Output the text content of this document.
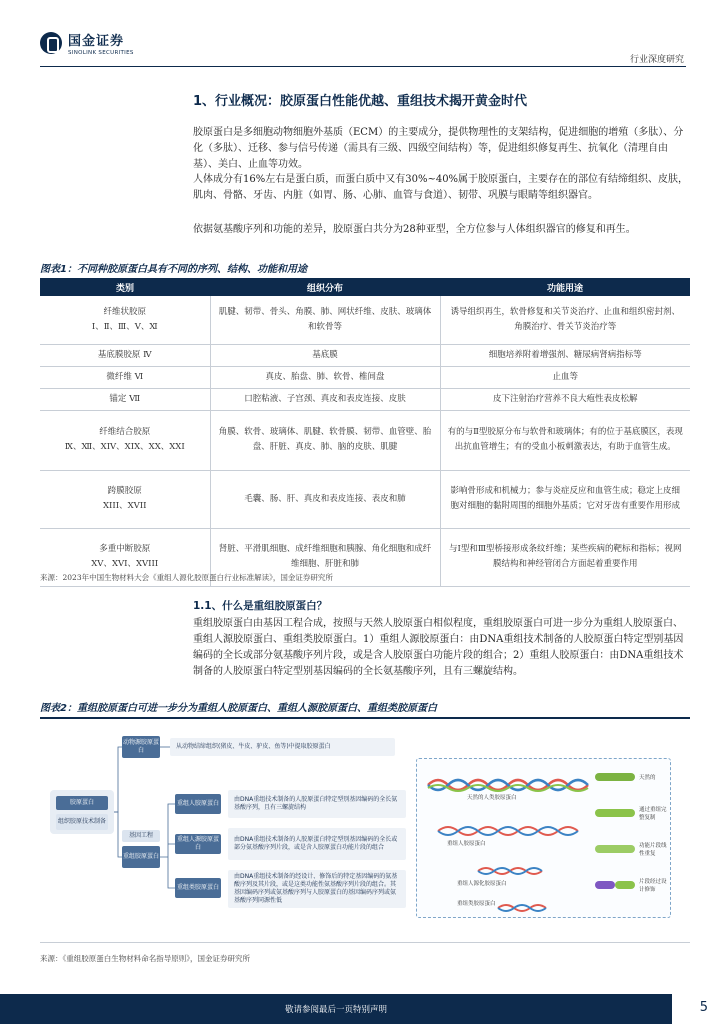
国金证券
SINOLINK SECURITIES
行业深度研究
1、行业概况：胶原蛋白性能优越、重组技术揭开黄金时代
胶原蛋白是多细胞动物细胞外基质（ECM）的主要成分，提供物理性的支架结构，促进细胞的增殖（多肽）、分化（多肽）、迁移、参与信号传递（需具有三级、四级空间结构）等，促进组织修复再生、抗氧化（清理自由基）、美白、止血等功效。
人体成分有16%左右是蛋白质，而蛋白质中又有30%~40%属于胶原蛋白，主要存在的部位有结缔组织、皮肤，肌肉、骨骼、牙齿、内脏（如胃、肠、心肺、血管与食道）、韧带、巩膜与眼睛等组织器官。
依据氨基酸序列和功能的差异，胶原蛋白共分为28种亚型，全方位参与人体组织器官的修复和再生。
图表1：不同种胶原蛋白具有不同的序列、结构、功能和用途
类别	组织分布	功能用途

纤维状胶原
Ⅰ、Ⅱ、Ⅲ、Ⅴ、Ⅺ	肌腱、韧带、骨头、角膜、肺、网状纤维、皮肤、玻璃体和软骨等	诱导组织再生，软骨修复和关节炎治疗、止血和组织密封剂、角膜治疗、骨关节炎治疗等
基底膜胶原 Ⅳ	基底膜	细胞培养附着增强剂、糖尿病肾病指标等
微纤维 Ⅵ	真皮、胎盘、肺、软骨、椎间盘	止血等
锚定 Ⅶ	口腔粘液、子宫颈、真皮和表皮连接、皮肤	皮下注射治疗营养不良大疱性表皮松解

纤维结合胶原
Ⅸ、Ⅻ、XIV、XIX、XX、XXI	角膜、软骨、玻璃体、肌腱、软骨膜、韧带、血管壁、胎盘、肝脏、真皮、肺、脑的皮肤、肌腱	有的与Ⅱ型胶原分布与软骨和玻璃体；有的位于基底膜区，表现出抗血管增生；有的受血小板刺激表达，有助于血管生成。

跨膜胶原
XIII、XVII	毛囊、肠、肝、真皮和表皮连接、表皮和肺	影响骨形成和机械力；参与炎症反应和血管生成；稳定上皮细胞对细胞的黏附周围的细胞外基质；它对牙齿有重要作用形成

多重中断胶原
XV、XVI、XVIII	肾脏、平滑肌细胞、成纤维细胞和胰腺、角化细胞和成纤维细胞、肝脏和肺	与Ⅰ型和Ⅲ型桥接形成条纹纤维；某些疾病的靶标和指标；视网膜结构和神经管闭合方面起着重要作用
来源：2023年中国生物材料大会《重组人源化胶原蛋白行业标准解读》，国金证券研究所
1.1、什么是重组胶原蛋白？
重组胶原蛋白由基因工程合成，按照与天然人胶原蛋白相似程度，重组胶原蛋白可进一步分为重组人胶原蛋白、重组人源胶原蛋白、重组类胶原蛋白。1）重组人源胶原蛋白：由DNA重组技术制备的人胶原蛋白特定型别基因编码的全长或部分氨基酸序列片段，或是含人胶原蛋白功能片段的组合；2）重组人胶原蛋白：由DNA重组技术制备的人胶原蛋白特定型别基因编码的全长氨基酸序列，且有三螺旋结构。
图表2：重组胶原蛋白可进一步分为重组人胶原蛋白、重组人源胶原蛋白、重组类胶原蛋白
胶原蛋白
组织胶原技术制备
动物源胶原蛋白
从动物结缔组织(猪皮、牛皮、驴皮、鱼等)中提取胶原蛋白
基因工程
重组胶原蛋白
重组人胶原蛋白
由DNA重组技术制备的人胶原蛋白特定型别基因编码的全长氨基酸序列，且有三螺旋结构
重组人源胶原蛋白
由DNA重组技术制备的人胶原蛋白特定型别基因编码的全长或部分氨基酸序列片段，或是含人胶原蛋白功能片段的组合
重组类胶原蛋白
由DNA重组技术制备的经设计、修饰后的特定基因编码的氨基酸序列及其片段，或是这类功能性氨基酸序列片段的组合。其基因编码序列或氨基酸序列与人胶原蛋白的基因编码序列或氨基酸序列同源性低
天然的人类胶原蛋白
重组人胶原蛋白
重组人源化胶原蛋白
重组类胶原蛋白
天然的
通过重组完整复制
功能片段线性重复
片段经过设计修饰
来源：《重组胶原蛋白生物材料命名指导原则》，国金证券研究所
敬请参阅最后一页特别声明	5
